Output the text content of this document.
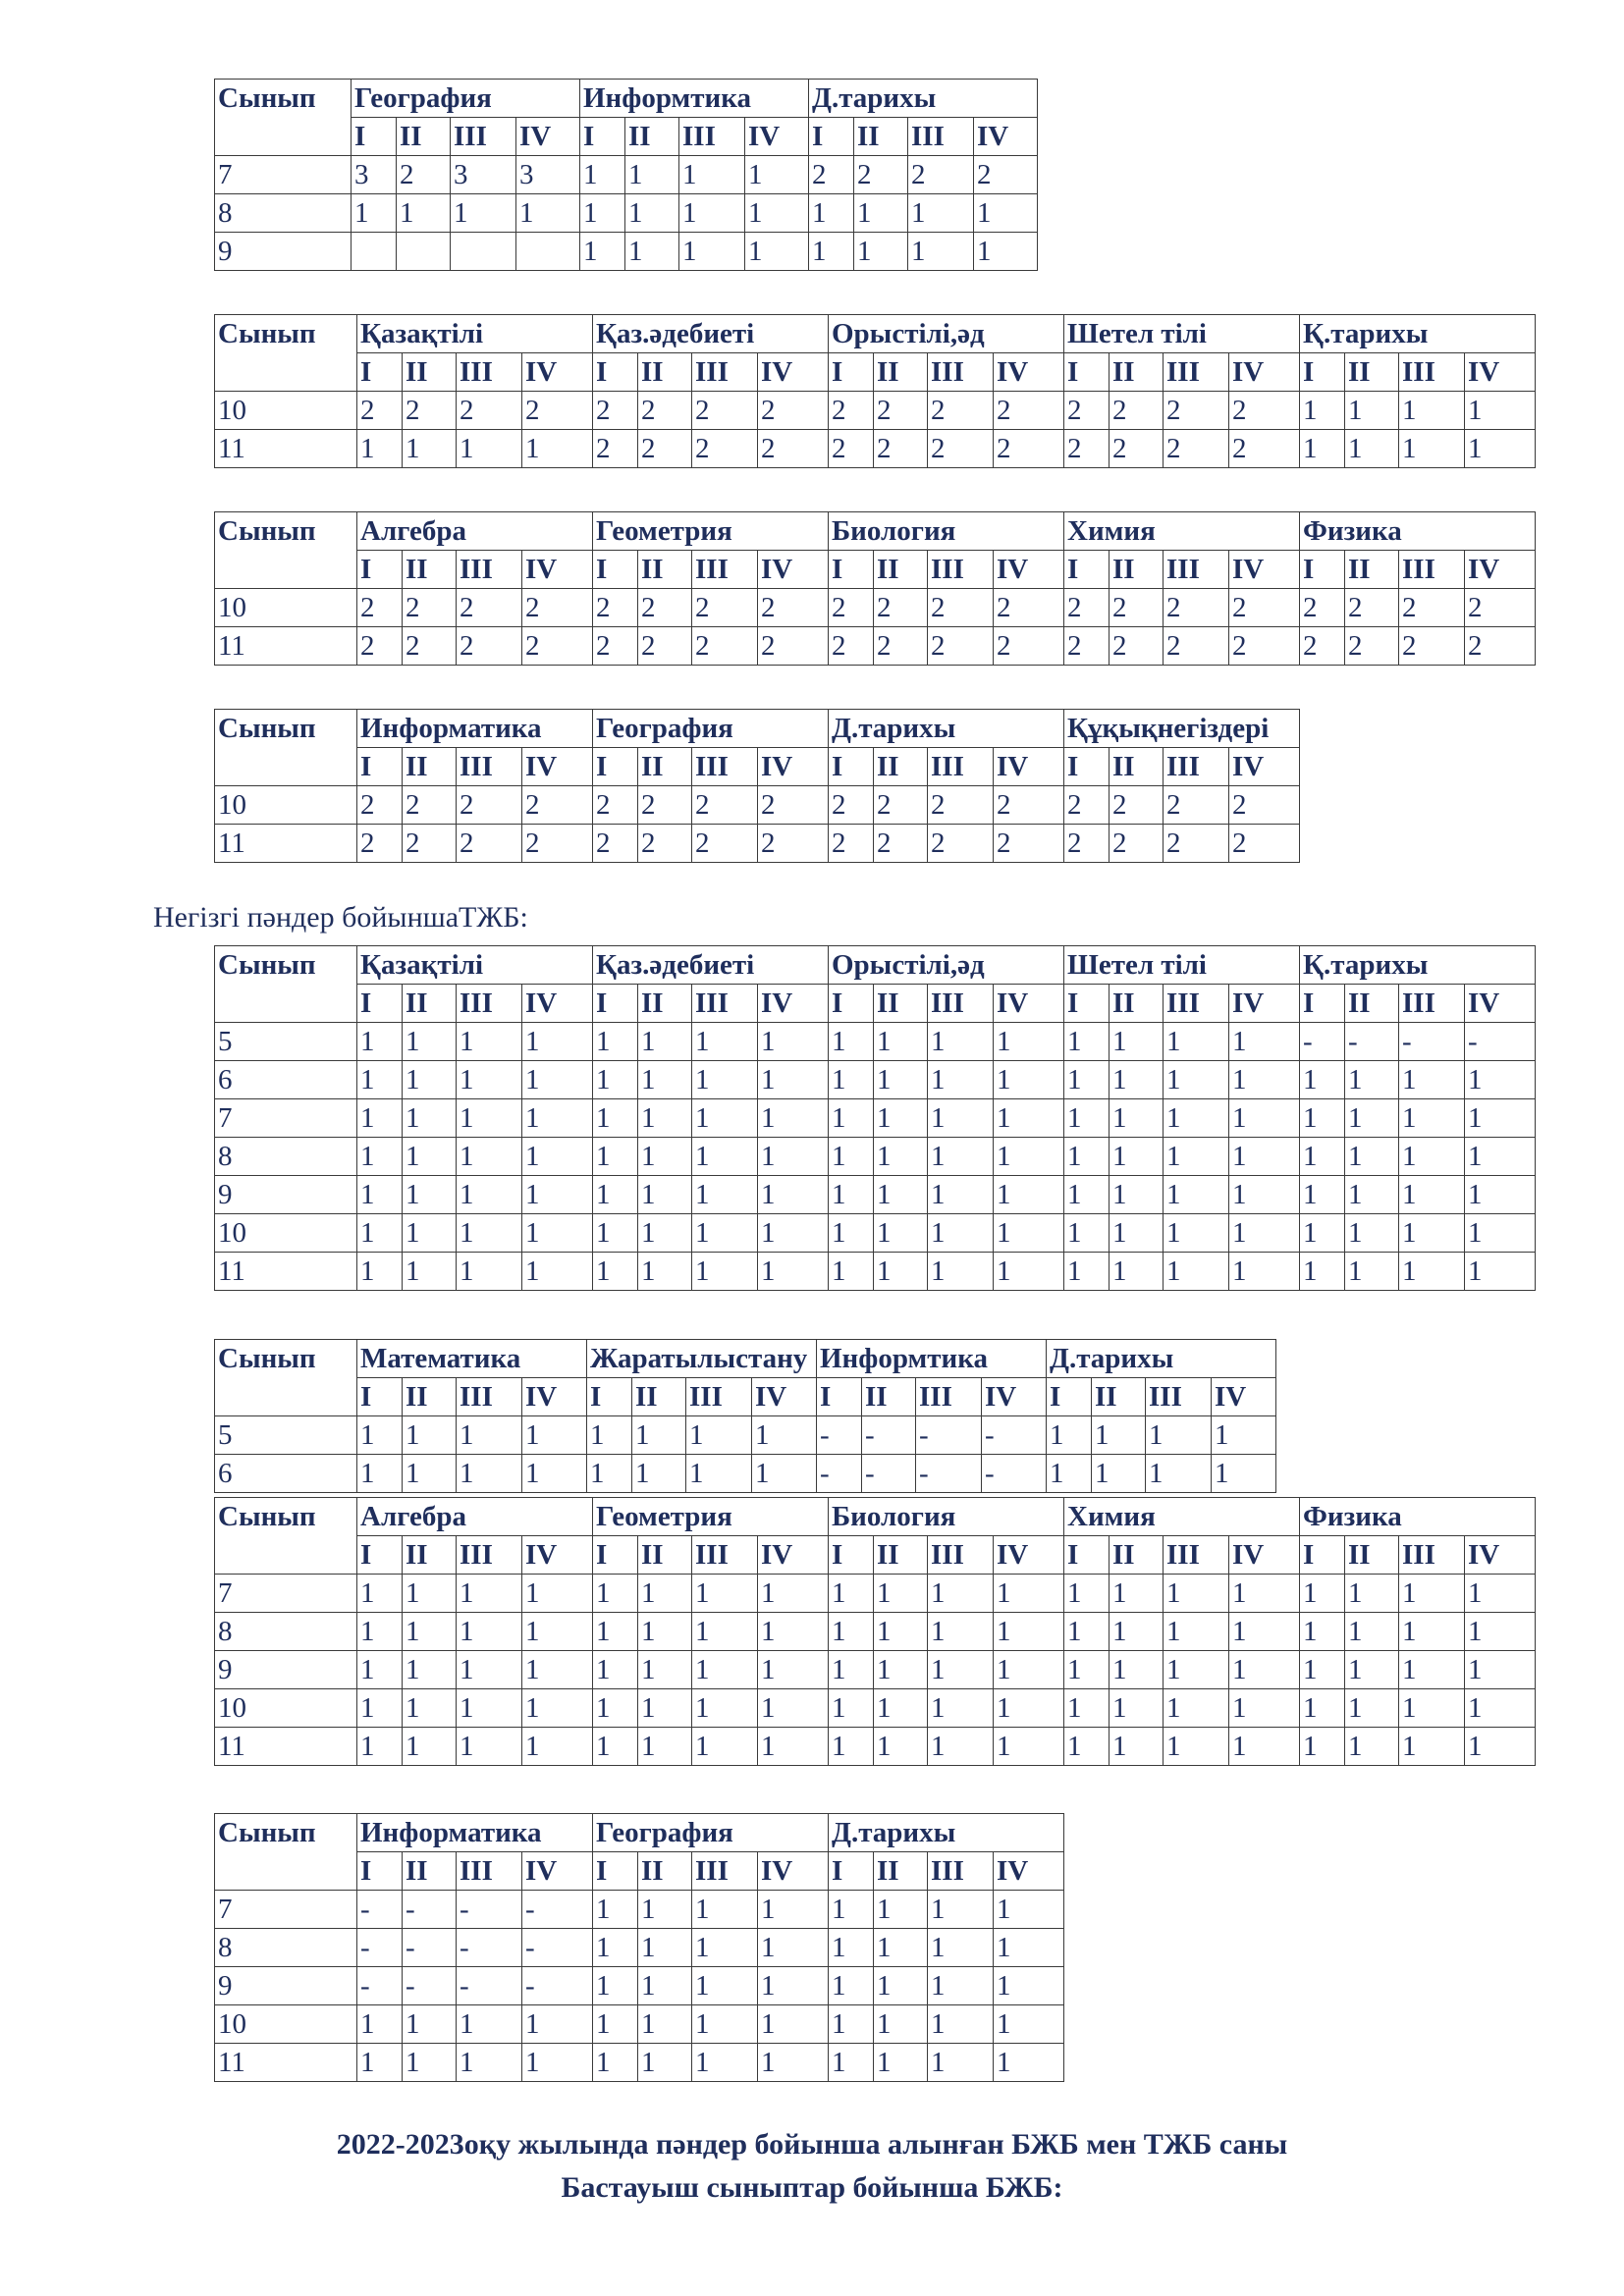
Сынып	География				Информтика				Д.тарихы			
	I	II	III	IV	I	II	III	IV	I	II	III	IV
7	3	2	3	3	1	1	1	1	2	2	2	2
8	1	1	1	1	1	1	1	1	1	1	1	1
9					1	1	1	1	1	1	1	1
Сынып	Қазақтілі				Қаз.әдебиеті				Орыстілі,әд				Шетел тілі				Қ.тарихы			
	I	II	III	IV	I	II	III	IV	I	II	III	IV	I	II	III	IV	I	II	III	IV
10	2	2	2	2	2	2	2	2	2	2	2	2	2	2	2	2	1	1	1	1
11	1	1	1	1	2	2	2	2	2	2	2	2	2	2	2	2	1	1	1	1
Сынып	Алгебра				Геометрия				Биология				Химия				Физика			
	I	II	III	IV	I	II	III	IV	I	II	III	IV	I	II	III	IV	I	II	III	IV
10	2	2	2	2	2	2	2	2	2	2	2	2	2	2	2	2	2	2	2	2
11	2	2	2	2	2	2	2	2	2	2	2	2	2	2	2	2	2	2	2	2
Сынып	Информатика				География				Д.тарихы				Құқықнегіздері			
	I	II	III	IV	I	II	III	IV	I	II	III	IV	I	II	III	IV
10	2	2	2	2	2	2	2	2	2	2	2	2	2	2	2	2
11	2	2	2	2	2	2	2	2	2	2	2	2	2	2	2	2
Сынып	Қазақтілі				Қаз.әдебиеті				Орыстілі,әд				Шетел тілі				Қ.тарихы			
	I	II	III	IV	I	II	III	IV	I	II	III	IV	I	II	III	IV	I	II	III	IV
5	1	1	1	1	1	1	1	1	1	1	1	1	1	1	1	1	-	-	-	-
6	1	1	1	1	1	1	1	1	1	1	1	1	1	1	1	1	1	1	1	1
7	1	1	1	1	1	1	1	1	1	1	1	1	1	1	1	1	1	1	1	1
8	1	1	1	1	1	1	1	1	1	1	1	1	1	1	1	1	1	1	1	1
9	1	1	1	1	1	1	1	1	1	1	1	1	1	1	1	1	1	1	1	1
10	1	1	1	1	1	1	1	1	1	1	1	1	1	1	1	1	1	1	1	1
11	1	1	1	1	1	1	1	1	1	1	1	1	1	1	1	1	1	1	1	1
Сынып	Математика				Жаратылыстану				Информтика				Д.тарихы			
	I	II	III	IV	I	II	III	IV	I	II	III	IV	I	II	III	IV
5	1	1	1	1	1	1	1	1	-	-	-	-	1	1	1	1
6	1	1	1	1	1	1	1	1	-	-	-	-	1	1	1	1
Сынып	Алгебра				Геометрия				Биология				Химия				Физика			
	I	II	III	IV	I	II	III	IV	I	II	III	IV	I	II	III	IV	I	II	III	IV
7	1	1	1	1	1	1	1	1	1	1	1	1	1	1	1	1	1	1	1	1
8	1	1	1	1	1	1	1	1	1	1	1	1	1	1	1	1	1	1	1	1
9	1	1	1	1	1	1	1	1	1	1	1	1	1	1	1	1	1	1	1	1
10	1	1	1	1	1	1	1	1	1	1	1	1	1	1	1	1	1	1	1	1
11	1	1	1	1	1	1	1	1	1	1	1	1	1	1	1	1	1	1	1	1
Сынып	Информатика				География				Д.тарихы			
	I	II	III	IV	I	II	III	IV	I	II	III	IV
7	-	-	-	-	1	1	1	1	1	1	1	1
8	-	-	-	-	1	1	1	1	1	1	1	1
9	-	-	-	-	1	1	1	1	1	1	1	1
10	1	1	1	1	1	1	1	1	1	1	1	1
11	1	1	1	1	1	1	1	1	1	1	1	1
Негізгі пәндер бойыншаТЖБ:
2022-2023оқу жылында пәндер бойынша алынған БЖБ мен ТЖБ саны
Бастауыш сыныптар бойынша БЖБ:
